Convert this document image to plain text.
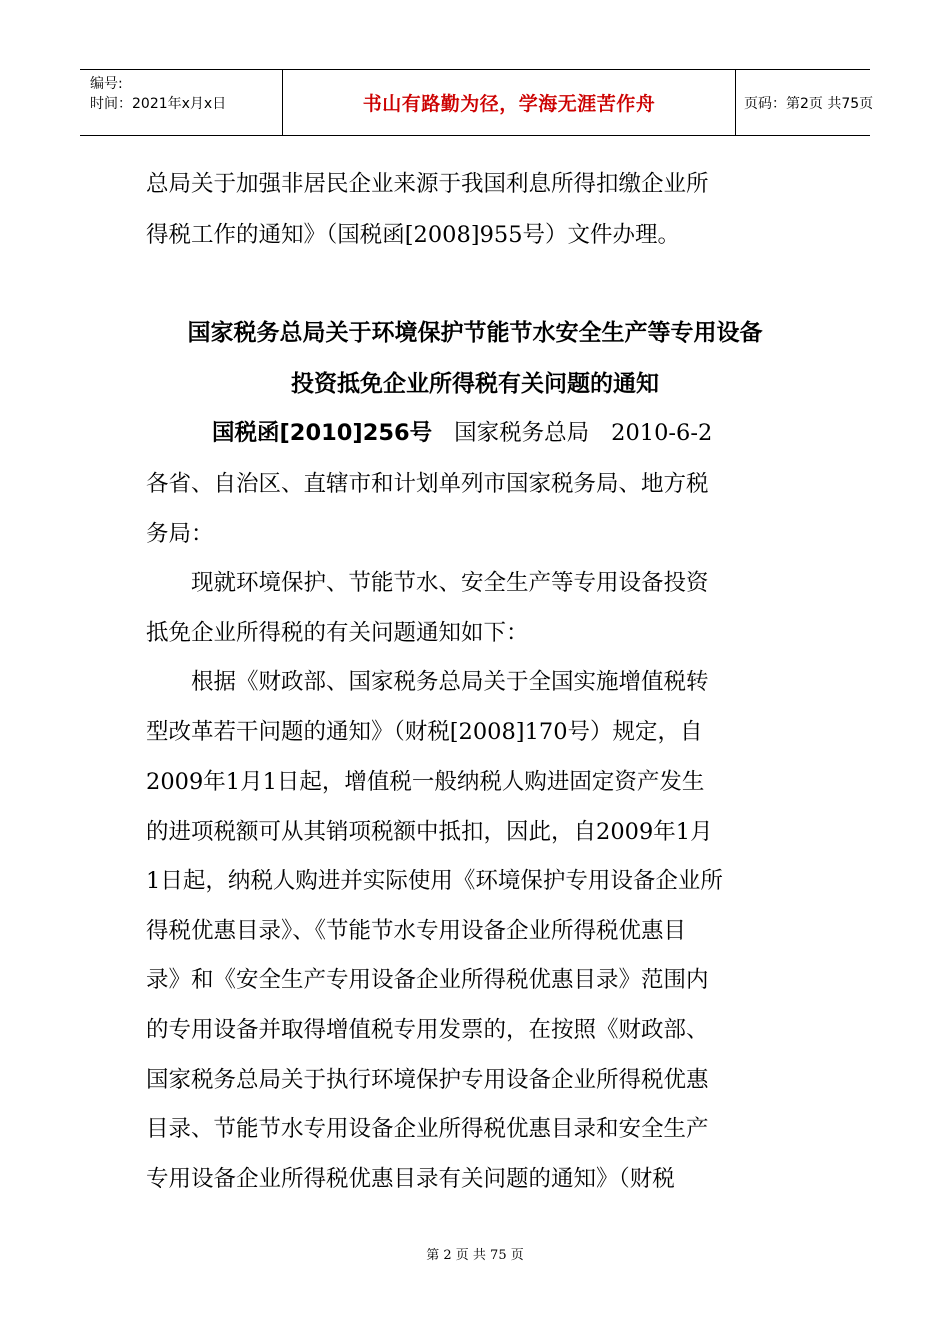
编号:
时间：2021年x月x日	书山有路勤为径，学海无涯苦作舟	页码：第2页 共75页
总局关于加强非居民企业来源于我国利息所得扣缴企业所
得税工作的通知》（国税函[2008]955号）文件办理。
国家税务总局关于环境保护节能节水安全生产等专用设备
投资抵免企业所得税有关问题的通知
国税函[2010]256号 国家税务总局 2010-6-2
各省、自治区、直辖市和计划单列市国家税务局、地方税
务局：
　　现就环境保护、节能节水、安全生产等专用设备投资
抵免企业所得税的有关问题通知如下：
　　根据《财政部、国家税务总局关于全国实施增值税转
型改革若干问题的通知》（财税[2008]170号）规定，自
2009年1月1日起，增值税一般纳税人购进固定资产发生
的进项税额可从其销项税额中抵扣，因此，自2009年1月
1日起，纳税人购进并实际使用《环境保护专用设备企业所
得税优惠目录》、《节能节水专用设备企业所得税优惠目
录》和《安全生产专用设备企业所得税优惠目录》范围内
的专用设备并取得增值税专用发票的，在按照《财政部、
国家税务总局关于执行环境保护专用设备企业所得税优惠
目录、节能节水专用设备企业所得税优惠目录和安全生产
专用设备企业所得税优惠目录有关问题的通知》（财税
第 2 页 共 75 页
